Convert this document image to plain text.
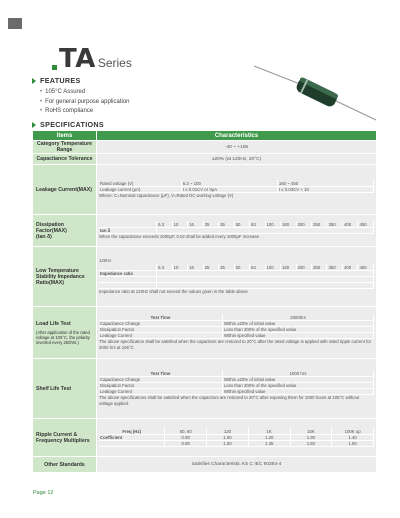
TA Series
FEATURES
• 105°C Assured
• For general purpose application
• RoHS compliance
SPECIFICATIONS
Items	Characteristics
Category Temperature Range	-40 ~ +105
Capacitance Tolerance	±20% (at 120Hz, 20°C)
Leakage Current(MAX)	
Rated voltage (V)	6.3 ~ 100	160 ~ 450
Leakage current (μA)	I ≤ 0.01CV or 3μA	I ≤ 0.03CV + 10
Where: C=Nominal capacitance (μF), V=Rated DC working voltage (V)

Dissipation Factor(MAX)
(tan δ)

	6.3	10	16	25	35	50	63	100	160	200	250	350	400	450
tan δ	
When the capacitance exceeds 1000μF, 0.02 shall be added every 1000μF increase

Low Temperature Stability Impedance Ratio(MAX)	
120Hz
	6.3	10	16	25	35	50	63	100	160	200	250	350	400	450
Impedance ratio	

Impedance ratio at 120Hz shall not exceed the values given in the table above

Load Life Test
(After application of the rated voltage at 105°C, the polarity inverted every 250hrs.)

Test Time	2000hrs
Capacitance Change	Within ±20% of initial value
Dissipation Factor	Less than 200% of the specified value
Leakage Current	Within specified value
The above specification shall be satisfied when the capacitors are restored to 20°C after the rated voltage is applied with rated ripple current for 2000 hrs at 105°C

Shelf Life Test	
Test Time	1000 hrs
Capacitance Change	Within ±20% of initial value
Dissipation Factor	Less than 200% of the specified value
Leakage Current	Within specified value
The above specifications shall be satisfied when the capacitors are restored to 20°C after exposing them for 1000 hours at 105°C without voltage applied.

Ripple Current & Frequency Multipliers	
Freq (Hz)	50, 60	120	1K	10K	100K up
Coefficient	0.80	1.00	1.20	1.30	1.40
	0.80	1.00	1.35	1.50	1.50

Other Standards	Satisfies Characteristic KS C IEC 60384-4
Page 12
